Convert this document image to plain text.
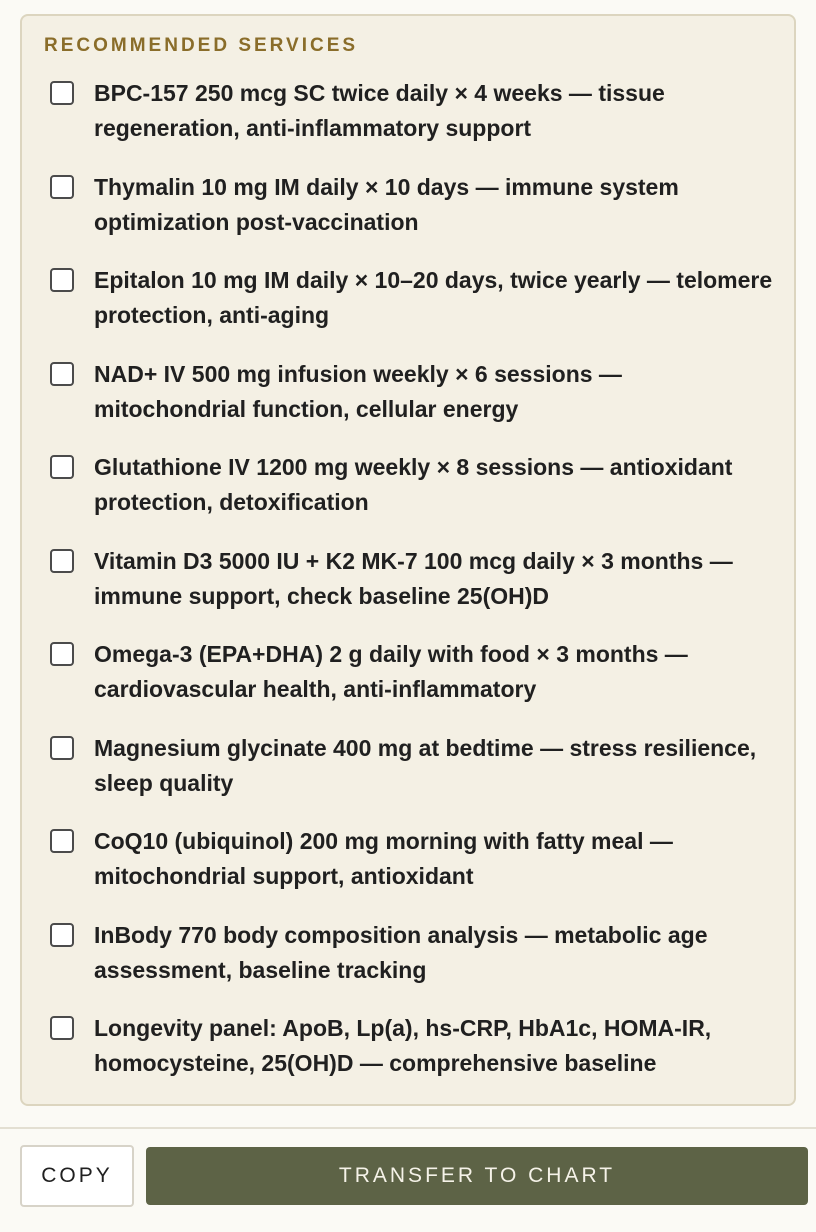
RECOMMENDED SERVICES
BPC-157 250 mcg SC twice daily × 4 weeks — tissue regeneration, anti-inflammatory support
Thymalin 10 mg IM daily × 10 days — immune system optimization post-vaccination
Epitalon 10 mg IM daily × 10–20 days, twice yearly — telomere protection, anti-aging
NAD+ IV 500 mg infusion weekly × 6 sessions — mitochondrial function, cellular energy
Glutathione IV 1200 mg weekly × 8 sessions — antioxidant protection, detoxification
Vitamin D3 5000 IU + K2 MK-7 100 mcg daily × 3 months — immune support, check baseline 25(OH)D
Omega-3 (EPA+DHA) 2 g daily with food × 3 months — cardiovascular health, anti-inflammatory
Magnesium glycinate 400 mg at bedtime — stress resilience, sleep quality
CoQ10 (ubiquinol) 200 mg morning with fatty meal — mitochondrial support, antioxidant
InBody 770 body composition analysis — metabolic age assessment, baseline tracking
Longevity panel: ApoB, Lp(a), hs-CRP, HbA1c, HOMA-IR, homocysteine, 25(OH)D — comprehensive baseline
COPY	TRANSFER TO CHART
